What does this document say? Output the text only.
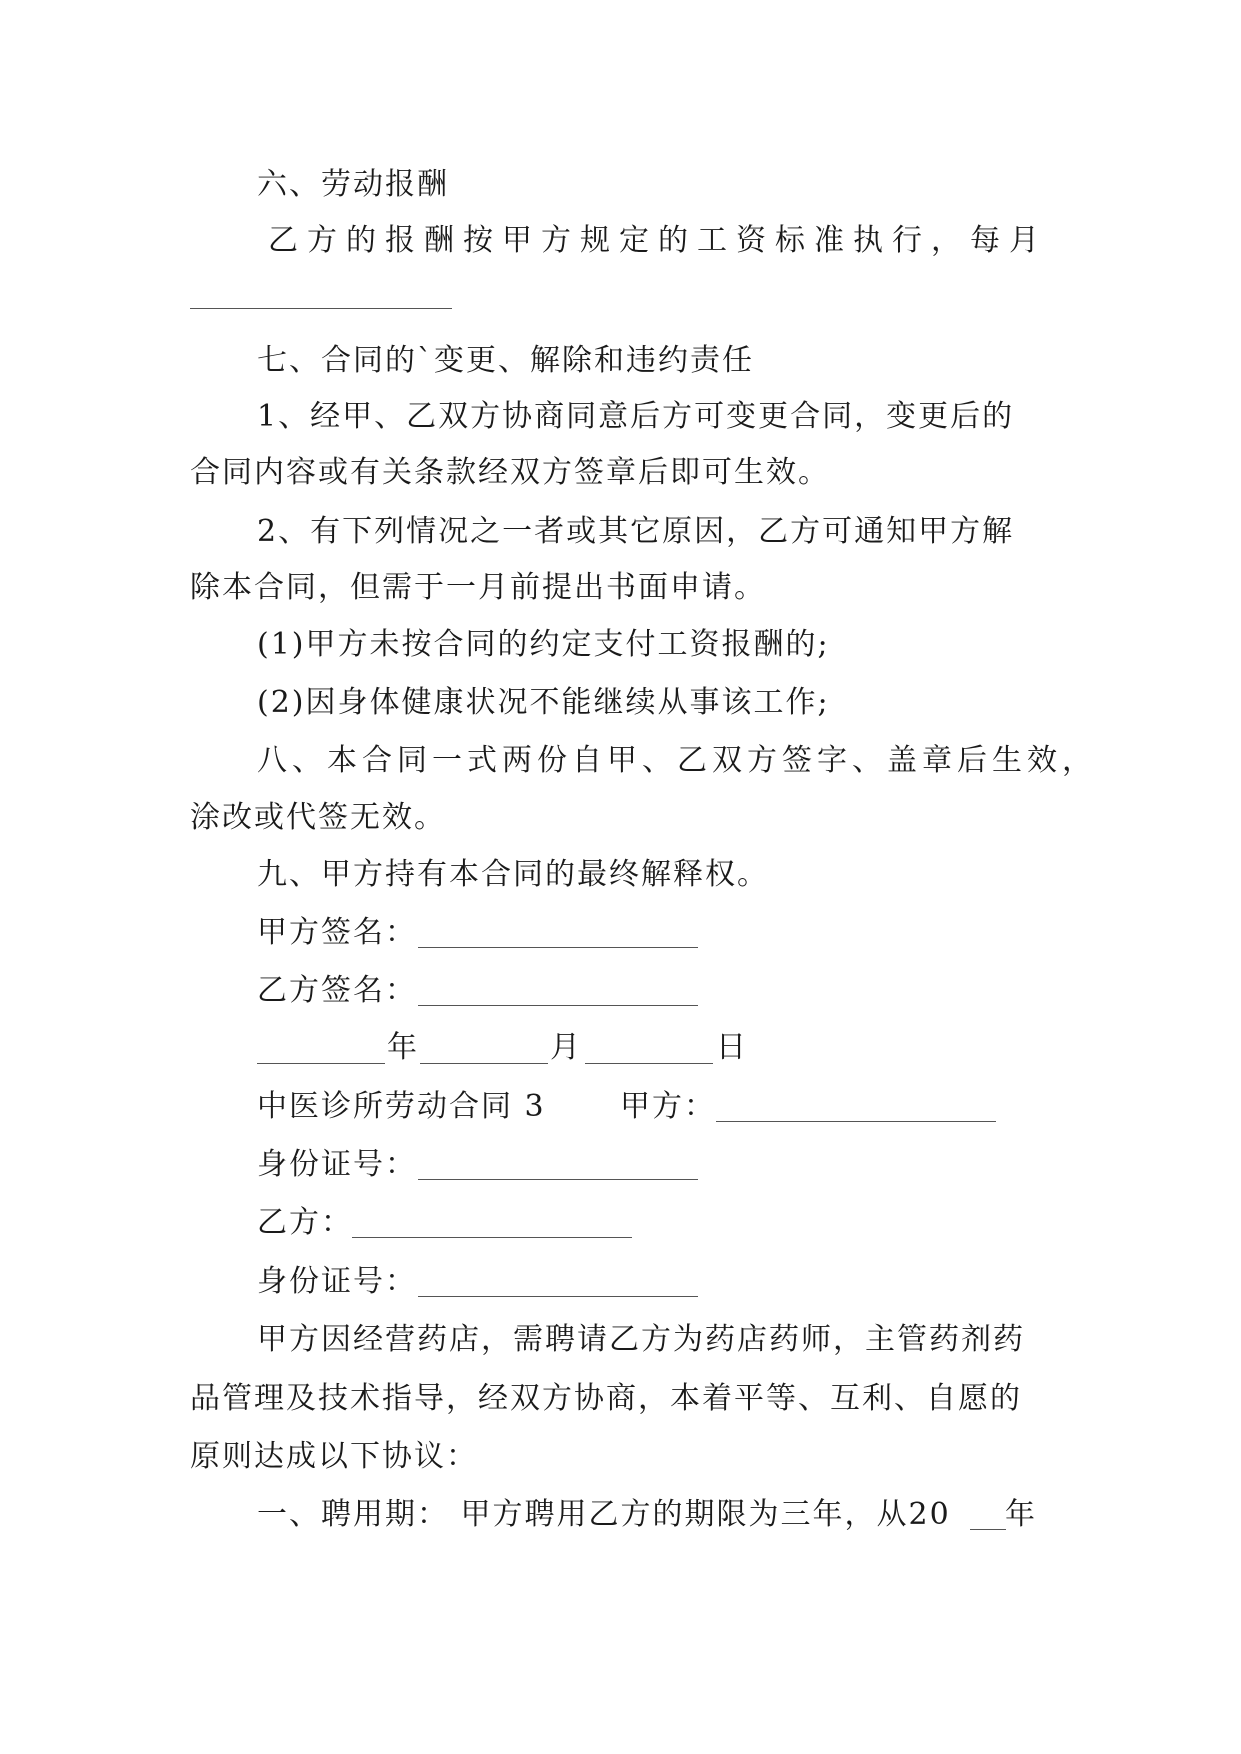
六、劳动报酬
乙方的报酬按甲方规定的工资标准执行，每月
七、合同的`变更、解除和违约责任
1、经甲、乙双方协商同意后方可变更合同，变更后的
合同内容或有关条款经双方签章后即可生效。
2、有下列情况之一者或其它原因，乙方可通知甲方解
除本合同，但需于一月前提出书面申请。
(1)甲方未按合同的约定支付工资报酬的;
(2)因身体健康状况不能继续从事该工作;
八、本合同一式两份自甲、乙双方签字、盖章后生效，
涂改或代签无效。
九、甲方持有本合同的最终解释权。
甲方签名：
乙方签名：
年	月	日
中医诊所劳动合同 3	甲方：
身份证号：
乙方：
身份证号：
甲方因经营药店，需聘请乙方为药店药师，主管药剂药
品管理及技术指导，经双方协商，本着平等、互利、自愿的
原则达成以下协议：
一、聘用期： 甲方聘用乙方的期限为三年，从20	年
